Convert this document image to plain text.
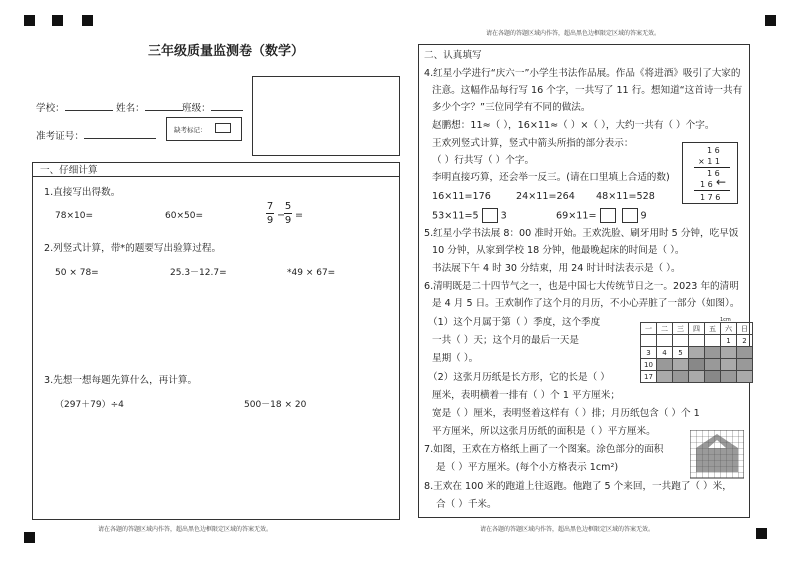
请在各题的答题区域内作答，超出黑色边框限定区域的答案无效。
三年级质量监测卷（数学）
学校：	姓名：	班级：
准考证号：
缺考标记：
一、仔细计算
1.直接写出得数。
78×10=	60×50=
7
9 −
5
9 =
2.列竖式计算，带*的题要写出验算过程。
50 × 78=	25.3－12.7=	*49 × 67=
3.先想一想每题先算什么，再计算。
（297＋79）÷4	500－18 × 20
请在各题的答题区域内作答，超出黑色边框限定区域的答案无效。
二、认真填写
4.红星小学进行“庆六一”小学生书法作品展。作品《将进酒》吸引了大家的
注意。这幅作品每行写 16 个字，一共写了 11 行。想知道“这首诗一共有
多少个字？”三位同学有不同的做法。
赵鹏想：11≈（ ），16×11≈（ ）×（ ），大约一共有（ ）个字。
王欢列竖式计算，竖式中箭头所指的部分表示：
（ ）行共写（ ）个字。
李明直接巧算，还会举一反三。(请在口里填上合适的数)
16×11=176	24×11=264 48×11=528
53×11=5 3	69×11=	9
1 6
× 1 1
1 6
1 6 ←
1 7 6
5.红星小学书法展 8：00 准时开始。王欢洗脸、刷牙用时 5 分钟，吃早饭
10 分钟，从家到学校 18 分钟，他最晚起床的时间是（ ）。
书法展下午 4 时 30 分结束，用 24 时计时法表示是（ ）。
6.清明既是二十四节气之一，也是中国七大传统节日之一。2023 年的清明
是 4 月 5 日。王欢制作了这个月的月历，不小心弄脏了一部分（如图）。
（1）这个月属于第（ ）季度，这个季度
一共（ ）天；这个月的最后一天是
星期（ ）。
（2）这张月历纸是长方形，它的长是（ ）
厘米，表明横着一排有（ ）个 1 平方厘米；
宽是（ ）厘米，表明竖着这样有（ ）排；月历纸包含（ ）个 1
平方厘米，所以这张月历纸的面积是（ ）平方厘米。
1cm
一	二	三	四	五	六	日
					1	2
3	4	5				
10						
17						
7.如图，王欢在方格纸上画了一个图案。涂色部分的面积
是（ ）平方厘米。(每个小方格表示 1cm²)
8.王欢在 100 米的跑道上往返跑。他跑了 5 个来回，一共跑了（ ）米，
合（ ）千米。
请在各题的答题区域内作答，超出黑色边框限定区域的答案无效。
